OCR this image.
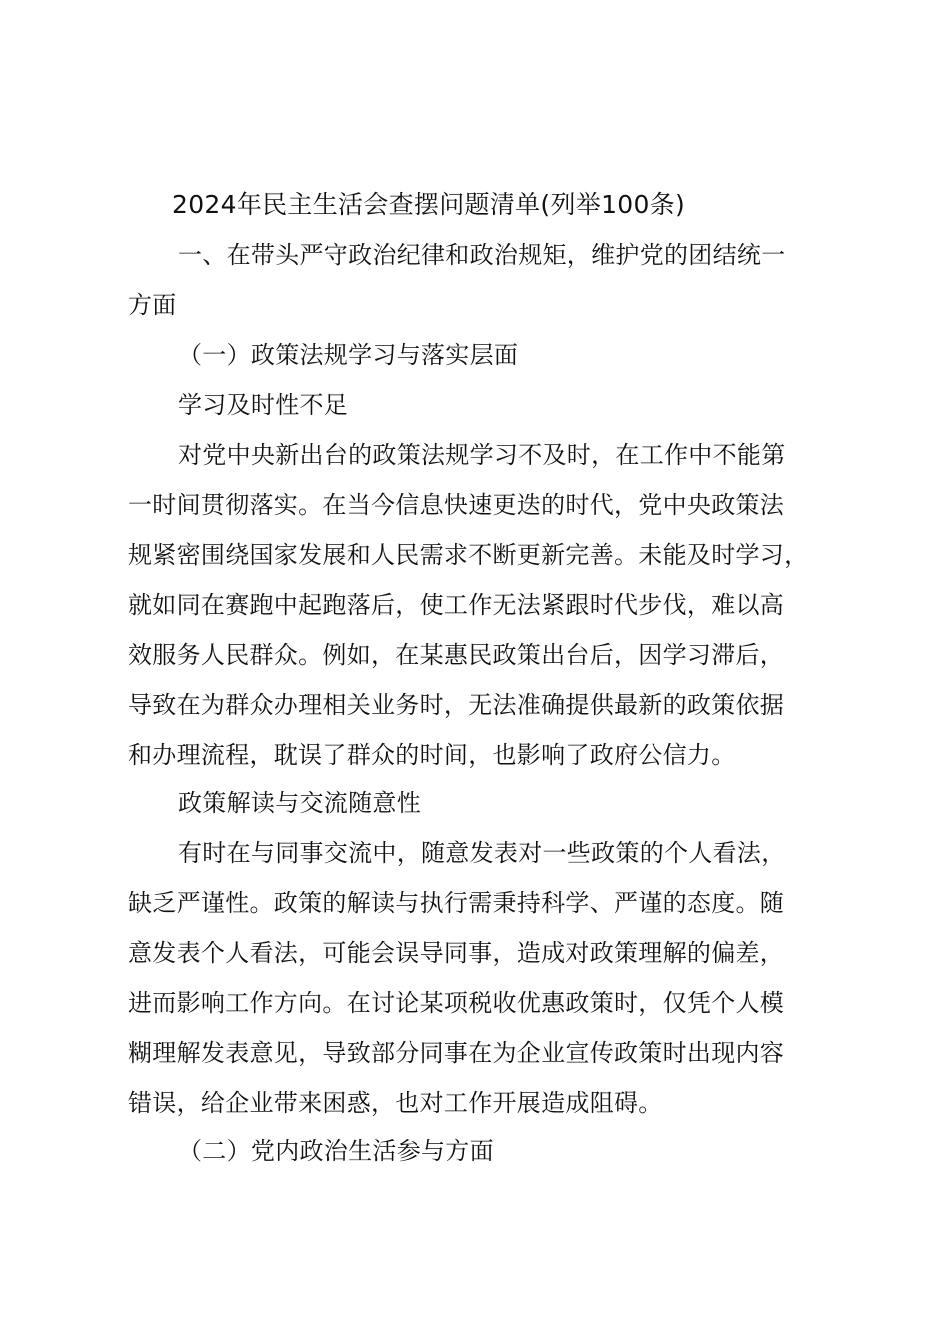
2024年民主生活会查摆问题清单(列举100条)
一、在带头严守政治纪律和政治规矩，维护党的团结统一
方面
（一）政策法规学习与落实层面
学习及时性不足
对党中央新出台的政策法规学习不及时，在工作中不能第
一时间贯彻落实。在当今信息快速更迭的时代，党中央政策法
规紧密围绕国家发展和人民需求不断更新完善。未能及时学习，
就如同在赛跑中起跑落后，使工作无法紧跟时代步伐，难以高
效服务人民群众。例如，在某惠民政策出台后，因学习滞后，
导致在为群众办理相关业务时，无法准确提供最新的政策依据
和办理流程，耽误了群众的时间，也影响了政府公信力。
政策解读与交流随意性
有时在与同事交流中，随意发表对一些政策的个人看法，
缺乏严谨性。政策的解读与执行需秉持科学、严谨的态度。随
意发表个人看法，可能会误导同事，造成对政策理解的偏差，
进而影响工作方向。在讨论某项税收优惠政策时，仅凭个人模
糊理解发表意见，导致部分同事在为企业宣传政策时出现内容
错误，给企业带来困惑，也对工作开展造成阻碍。
（二）党内政治生活参与方面
